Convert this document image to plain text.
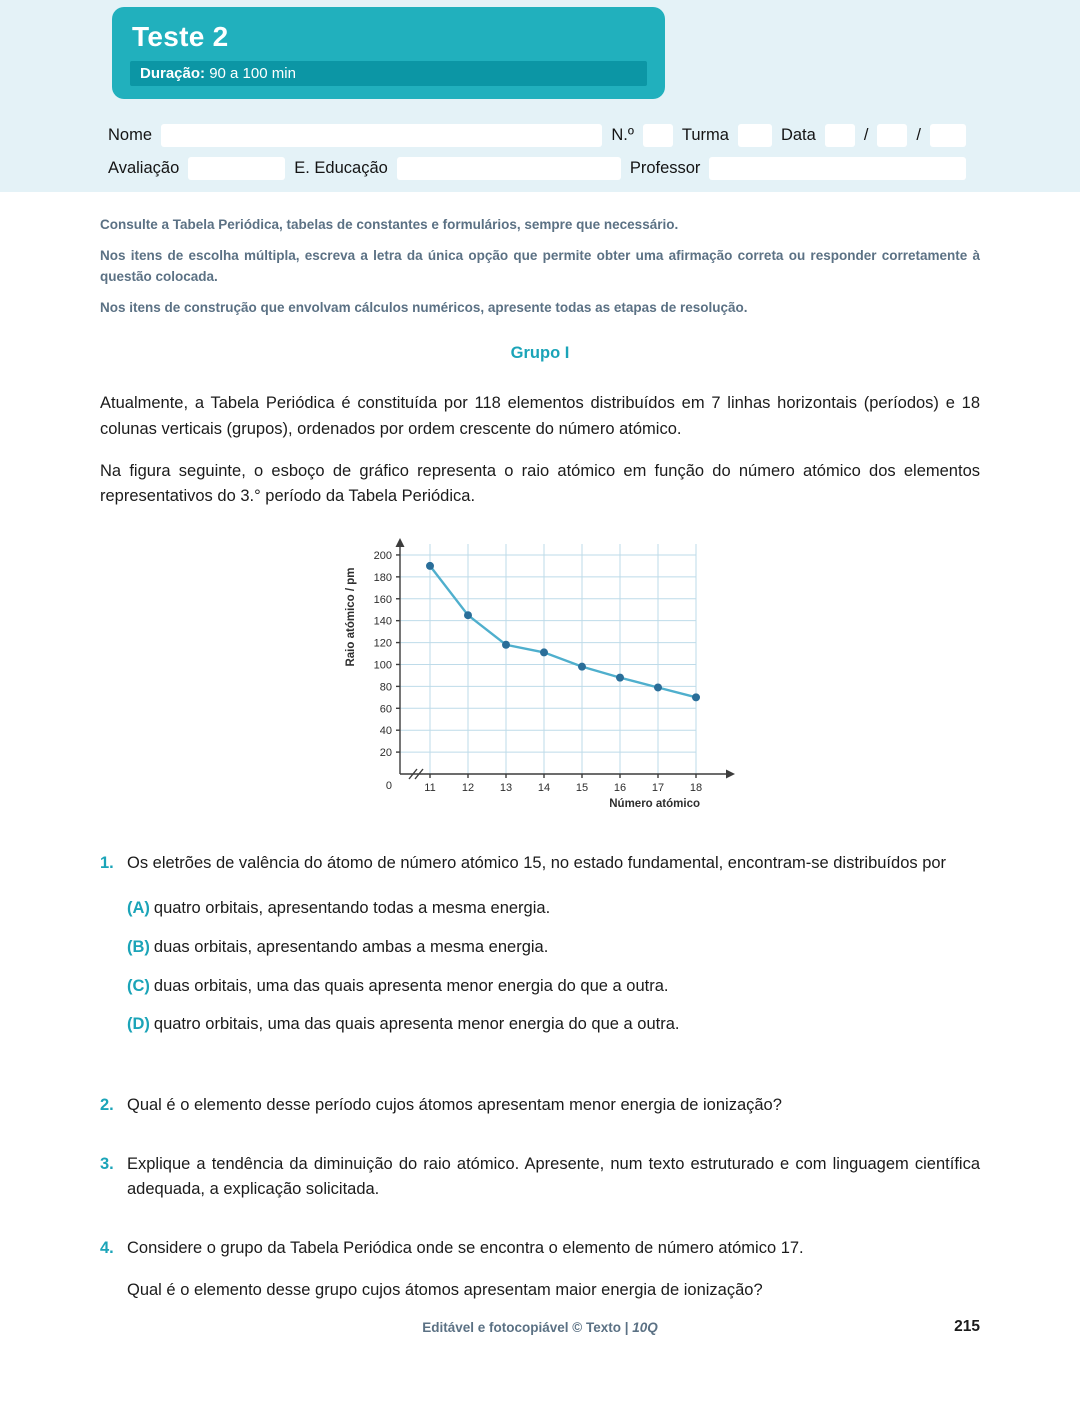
Teste 2
Duração: 90 a 100 min
Nome	N.º	Turma	Data	/	/
Avaliação	E. Educação	Professor

Consulte a Tabela Periódica, tabelas de constantes e formulários, sempre que necessário.

Nos itens de escolha múltipla, escreva a letra da única opção que permite obter uma afirmação correta ou responder corretamente à questão colocada.

Nos itens de construção que envolvam cálculos numéricos, apresente todas as etapas de resolução.

Grupo I

Atualmente, a Tabela Periódica é constituída por 118 elementos distribuídos em 7 linhas horizontais (períodos) e 18 colunas verticais (grupos), ordenados por ordem crescente do número atómico.

Na figura seguinte, o esboço de gráfico representa o raio atómico em função do número atómico dos elementos representativos do 3.° período da Tabela Periódica.

20
40
60
80
100
120
140
160
180
200
0	11 12 13 14 15 16 17 18
Número atómico
Raio atómico / pm
1. Os eletrões de valência do átomo de número atómico 15, no estado fundamental, encontram-se distribuídos por

(A) quatro orbitais, apresentando todas a mesma energia.

(B) duas orbitais, apresentando ambas a mesma energia.

(C) duas orbitais, uma das quais apresenta menor energia do que a outra.

(D) quatro orbitais, uma das quais apresenta menor energia do que a outra.

2. Qual é o elemento desse período cujos átomos apresentam menor energia de ionização?

3. Explique a tendência da diminuição do raio atómico. Apresente, num texto estruturado e com linguagem científica adequada, a explicação solicitada.

4. Considere o grupo da Tabela Periódica onde se encontra o elemento de número atómico 17.

Qual é o elemento desse grupo cujos átomos apresentam maior energia de ionização?

Editável e fotocopiável © Texto | 10Q	215
